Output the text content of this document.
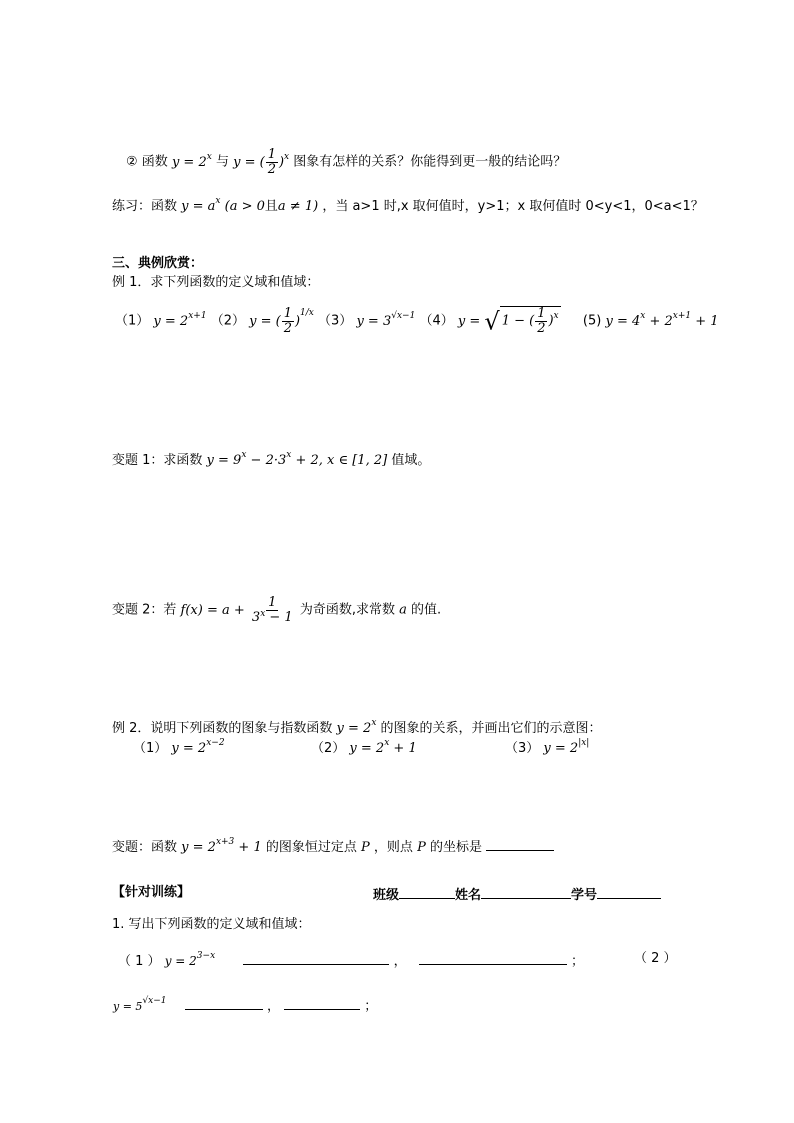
② 函数 $y = 2^x$ 与 y = ( $\frac{1}{2} )^x$ 图象有怎样的关系？你能得到更一般的结论吗？
练习：函数 $y = a^x$ (a > 0且a ≠ 1) ，当 a>1 时,x 取何值时，y>1；x 取何值时 0<y<1，0<a<1？
三、典例欣赏：
例 1．求下列函数的定义域和值域：
（1） $y = 2^{x+1}$ （2） y = ( $\frac{1}{2} )^{1/x}$ （3） $y = 3^{√x-1}$ （4） y = √ 1 − ( $\frac{1}{2} )^x$ (5) $y = 4^x + 2^{x+1} + 1$
变题 1：求函数 $y = 9^x - 2\cdot 3^x + 2$, x ∈ [1, 2] 值域。
变题 2：若 $f(x) = a + \frac{1}{3^x - 1}$ 为奇函数,求常数 a 的值.
例 2．说明下列函数的图象与指数函数 $y = 2^x$ 的图象的关系，并画出它们的示意图：
（1） $y = 2^{x-2}$	（2） $y = 2^x + 1$	（3） $y = 2^{|x|}$
变题：函数 $y = 2^{x+3} + 1$ 的图象恒过定点 P ，则点 P 的坐标是
【针对训练】	班级	姓名	学号
1. 写出下列函数的定义域和值域：
（ 1 ） $y = 2^{3-x}$	，	；	（ 2 ）
$y = 5^{√x-1}$	，	；
